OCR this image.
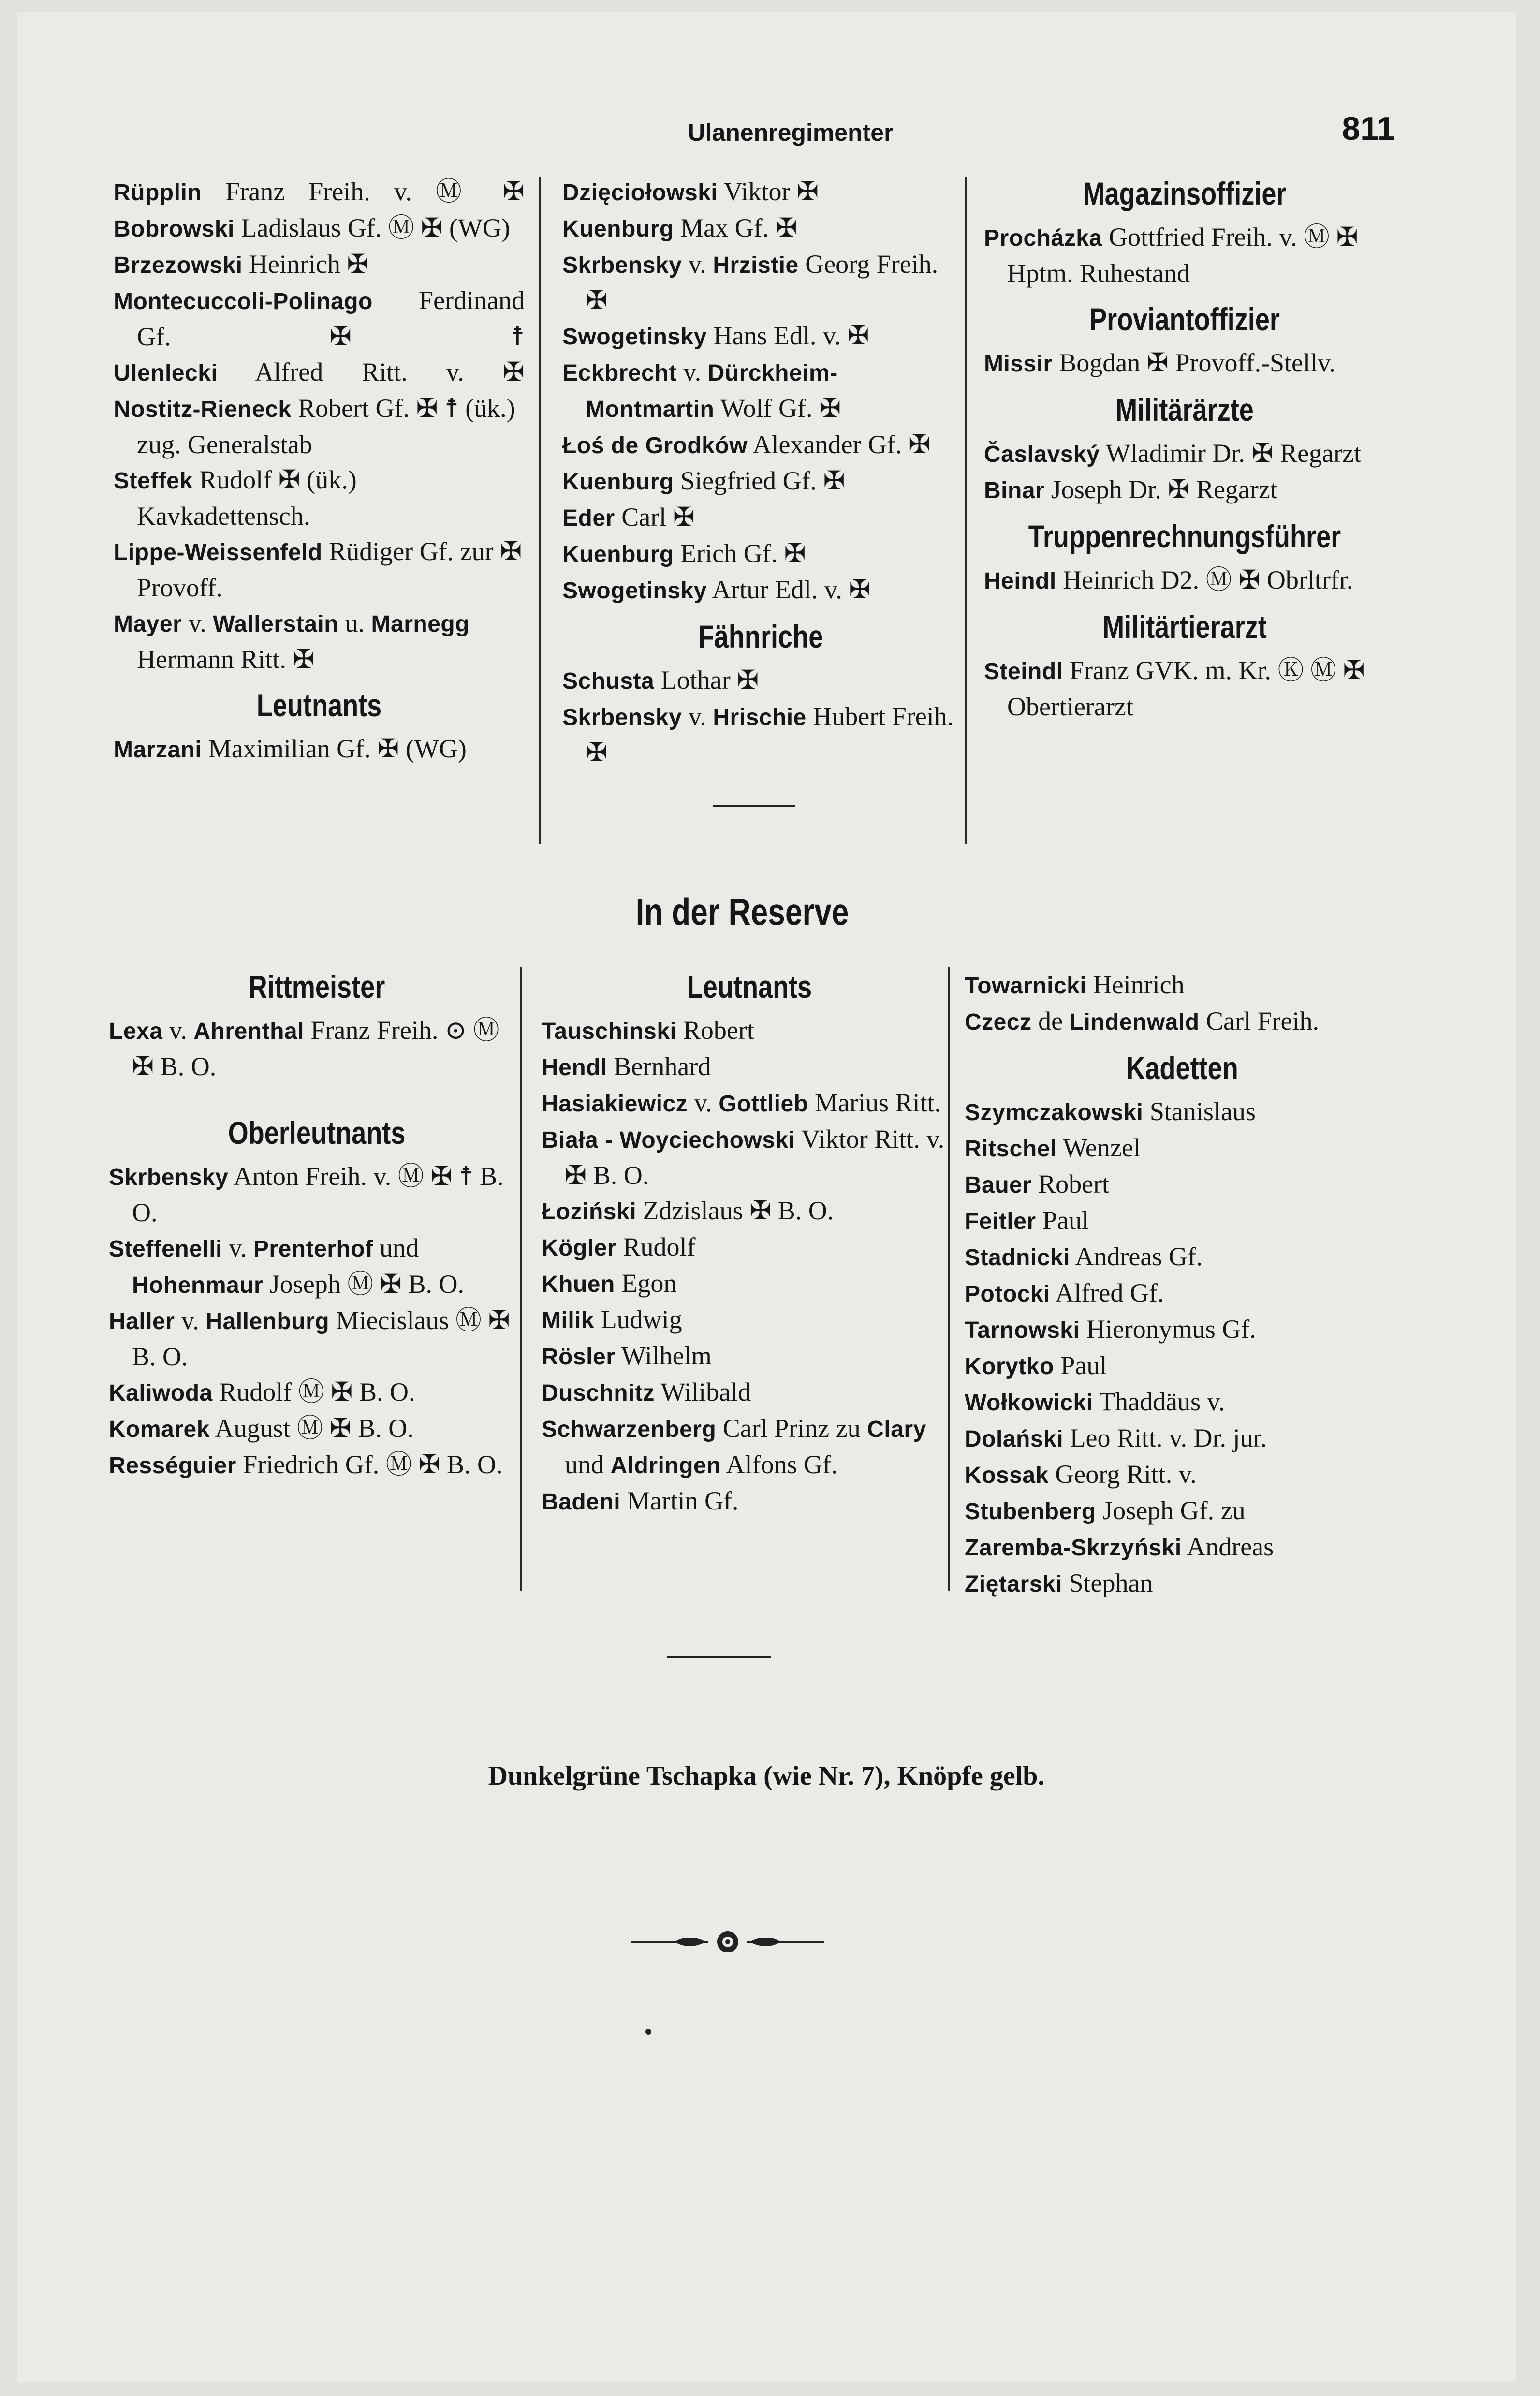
Ulanenregimenter	811
Rüpplin Franz Freih. v. Ⓜ ✠
Bobrowski Ladislaus Gf. Ⓜ ✠ (WG)
Brzezowski Heinrich ✠
Montecuccoli-Polinago Ferdinand Gf. ✠ ☨
Ulenlecki Alfred Ritt. v. ✠
Nostitz-Rieneck Robert Gf. ✠ ☨ (ük.) zug. Generalstab
Steffek Rudolf ✠ (ük.) Kavkadettensch.
Lippe-Weissenfeld Rüdiger Gf. zur ✠ Provoff.
Mayer v. Wallerstain u. Marnegg Hermann Ritt. ✠
Leutnants
Marzani Maximilian Gf. ✠ (WG)
Dzięciołowski Viktor ✠
Kuenburg Max Gf. ✠
Skrbensky v. Hrzistie Georg Freih. ✠
Swogetinsky Hans Edl. v. ✠
Eckbrecht v. Dürckheim-Montmartin Wolf Gf. ✠
Łoś de Grodków Alexander Gf. ✠
Kuenburg Siegfried Gf. ✠
Eder Carl ✠
Kuenburg Erich Gf. ✠
Swogetinsky Artur Edl. v. ✠
Fähnriche
Schusta Lothar ✠
Skrbensky v. Hrischie Hubert Freih. ✠
Magazinsoffizier
Procházka Gottfried Freih. v. Ⓜ ✠ Hptm. Ruhestand
Proviantoffizier
Missir Bogdan ✠ Provoff.-Stellv.
Militärärzte
Časlavský Wladimir Dr. ✠ Regarzt
Binar Joseph Dr. ✠ Regarzt
Truppenrechnungsführer
Heindl Heinrich D2. Ⓜ ✠ Obrltrfr.
Militärtierarzt
Steindl Franz GVK. m. Kr. Ⓚ Ⓜ ✠ Obertierarzt
In der Reserve
Rittmeister
Lexa v. Ahrenthal Franz Freih. ⊙ Ⓜ ✠ B. O.
Oberleutnants
Skrbensky Anton Freih. v. Ⓜ ✠ ☨ B. O.
Steffenelli v. Prenterhof und Hohenmaur Joseph Ⓜ ✠ B. O.
Haller v. Hallenburg Miecislaus Ⓜ ✠ B. O.
Kaliwoda Rudolf Ⓜ ✠ B. O.
Komarek August Ⓜ ✠ B. O.
Rességuier Friedrich Gf. Ⓜ ✠ B. O.
Leutnants
Tauschinski Robert
Hendl Bernhard
Hasiakiewicz v. Gottlieb Marius Ritt.
Biała - Woyciechowski Viktor Ritt. v. ✠ B. O.
Łoziński Zdzislaus ✠ B. O.
Kögler Rudolf
Khuen Egon
Milik Ludwig
Rösler Wilhelm
Duschnitz Wilibald
Schwarzenberg Carl Prinz zu Clary und Aldringen Alfons Gf.
Badeni Martin Gf.
Towarnicki Heinrich
Czecz de Lindenwald Carl Freih.
Kadetten
Szymczakowski Stanislaus
Ritschel Wenzel
Bauer Robert
Feitler Paul
Stadnicki Andreas Gf.
Potocki Alfred Gf.
Tarnowski Hieronymus Gf.
Korytko Paul
Wołkowicki Thaddäus v.
Dolański Leo Ritt. v. Dr. jur.
Kossak Georg Ritt. v.
Stubenberg Joseph Gf. zu
Zaremba-Skrzyński Andreas
Ziętarski Stephan
Dunkelgrüne Tschapka (wie Nr. 7), Knöpfe gelb.
